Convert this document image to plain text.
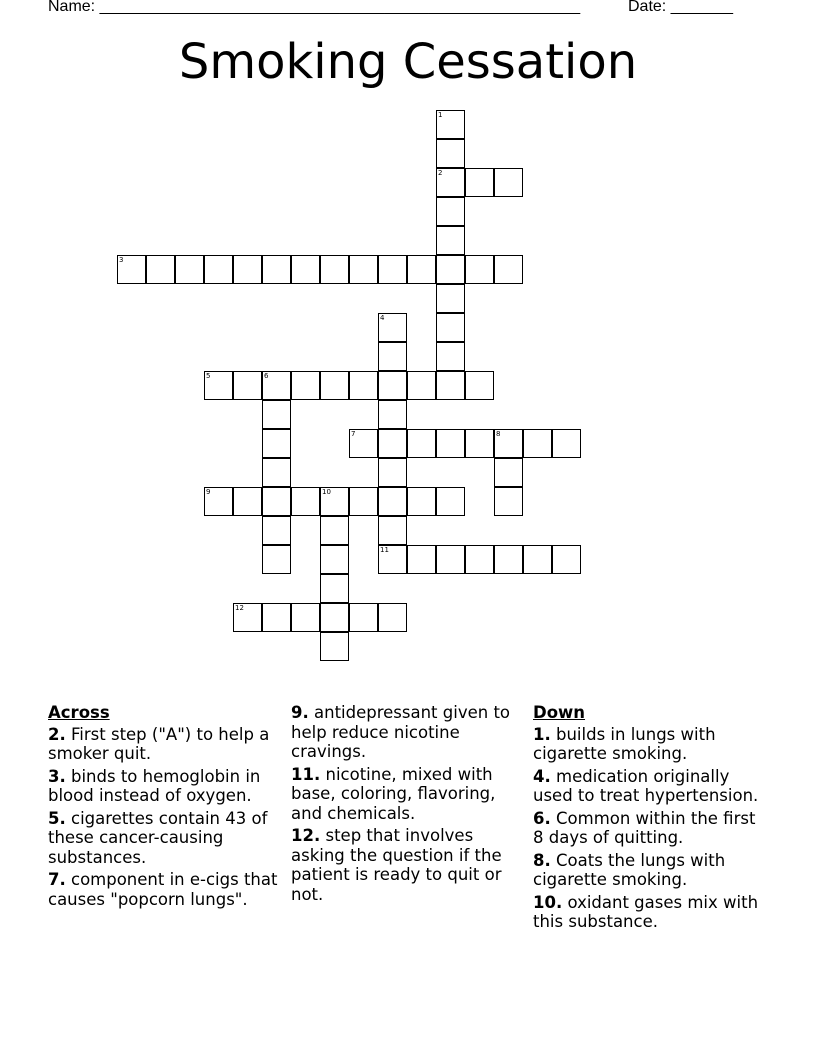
Name: ______________________________________________________	Date: _______
Smoking Cessation
1
2
3
4
11
5	6
7	8
9	10
12
Across
2. First step ("A") to help a smoker quit.
3. binds to hemoglobin in blood instead of oxygen.
5. cigarettes contain 43 of these cancer-causing substances.
7. component in e-cigs that causes "popcorn lungs".
9. antidepressant given to help reduce nicotine cravings.
11. nicotine, mixed with base, coloring, flavoring, and chemicals.
12. step that involves asking the question if the patient is ready to quit or not.
Down
1. builds in lungs with cigarette smoking.
4. medication originally used to treat hypertension.
6. Common within the first 8 days of quitting.
8. Coats the lungs with cigarette smoking.
10. oxidant gases mix with this substance.
